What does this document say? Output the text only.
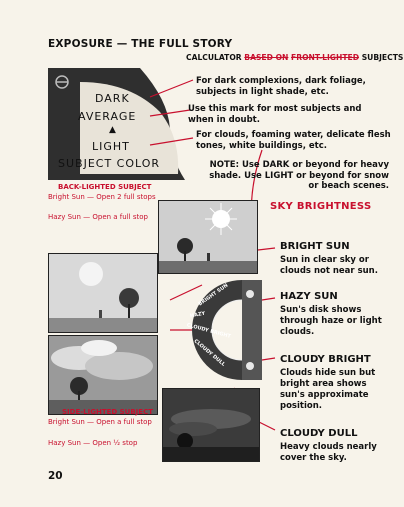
EXPOSURE — THE FULL STORY
CALCULATOR BASED ON FRONT-LIGHTED SUBJECTS
DARK
AVERAGE
LIGHT
▲
SUBJECT COLOR
For dark complexions, dark foliage, subjects in light shade, etc.
Use this mark for most subjects and when in doubt.
For clouds, foaming water, delicate flesh tones, white buildings, etc.
NOTE: Use DARK or beyond for heavy shade. Use LIGHT or beyond for snow or beach scenes.
BACK-LIGHTED SUBJECT
Bright Sun — Open 2 full stops
Hazy Sun — Open a full stop
SKY BRIGHTNESS
BRIGHT SUN
HAZY
CLOUDY BRIGHT
CLOUDY DULL
BRIGHT SUN
Sun in clear sky or clouds not near sun.
HAZY SUN
Sun's disk shows through haze or light clouds.
CLOUDY BRIGHT
Clouds hide sun but bright area shows sun's approximate position.
CLOUDY DULL
Heavy clouds nearly cover the sky.
SIDE-LIGHTED SUBJECT
Bright Sun — Open a full stop
Hazy Sun — Open ½ stop
20
